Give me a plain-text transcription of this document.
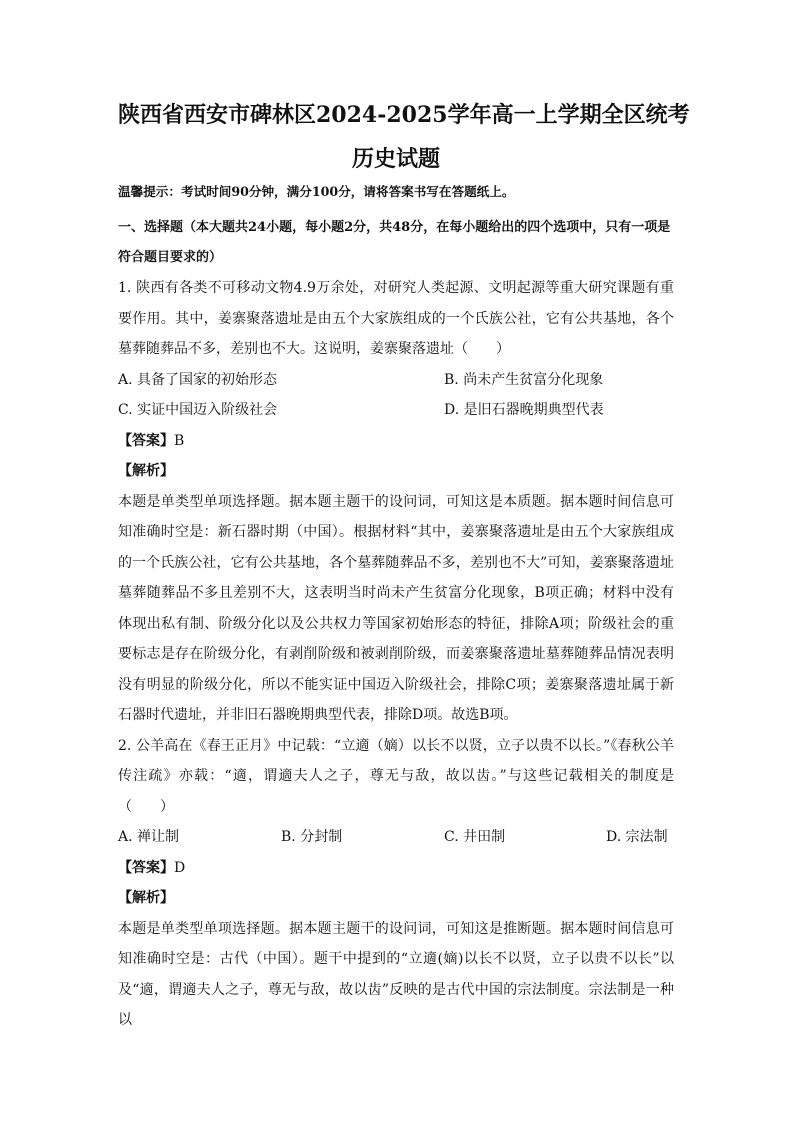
陕西省西安市碑林区2024-2025学年高一上学期全区统考
历史试题
温馨提示：考试时间90分钟，满分100分，请将答案书写在答题纸上。

一、选择题（本大题共24小题，每小题2分，共48分，在每小题给出的四个选项中，只有一项是符合题目要求的）

1. 陕西有各类不可移动文物4.9万余处，对研究人类起源、文明起源等重大研究课题有重要作用。其中，姜寨聚落遗址是由五个大家族组成的一个氏族公社，它有公共基地，各个墓葬随葬品不多，差别也不大。这说明，姜寨聚落遗址（　　）

A. 具备了国家的初始形态	B. 尚未产生贫富分化现象
C. 实证中国迈入阶级社会	D. 是旧石器晚期典型代表

【答案】B

【解析】

本题是单类型单项选择题。据本题主题干的设问词，可知这是本质题。据本题时间信息可知准确时空是：新石器时期（中国）。根据材料“其中，姜寨聚落遗址是由五个大家族组成的一个氏族公社，它有公共基地，各个墓葬随葬品不多，差别也不大”可知，姜寨聚落遗址墓葬随葬品不多且差别不大，这表明当时尚未产生贫富分化现象，B项正确；材料中没有体现出私有制、阶级分化以及公共权力等国家初始形态的特征，排除A项；阶级社会的重要标志是存在阶级分化，有剥削阶级和被剥削阶级，而姜寨聚落遗址墓葬随葬品情况表明没有明显的阶级分化，所以不能实证中国迈入阶级社会，排除C项；姜寨聚落遗址属于新石器时代遗址，并非旧石器晚期典型代表，排除D项。故选B项。

2. 公羊高在《春王正月》中记载：“立適（嫡）以长不以贤，立子以贵不以长。”《春秋公羊传注疏》亦载：“適，谓適夫人之子，尊无与敌，故以齿。”与这些记载相关的制度是（　　）

A. 禅让制	B. 分封制	C. 井田制	D. 宗法制

【答案】D

【解析】

本题是单类型单项选择题。据本题主题干的设问词，可知这是推断题。据本题时间信息可知准确时空是：古代（中国）。题干中提到的“立適(嫡)以长不以贤，立子以贵不以长”以及“適，谓適夫人之子，尊无与敌，故以齿”反映的是古代中国的宗法制度。宗法制是一种以
